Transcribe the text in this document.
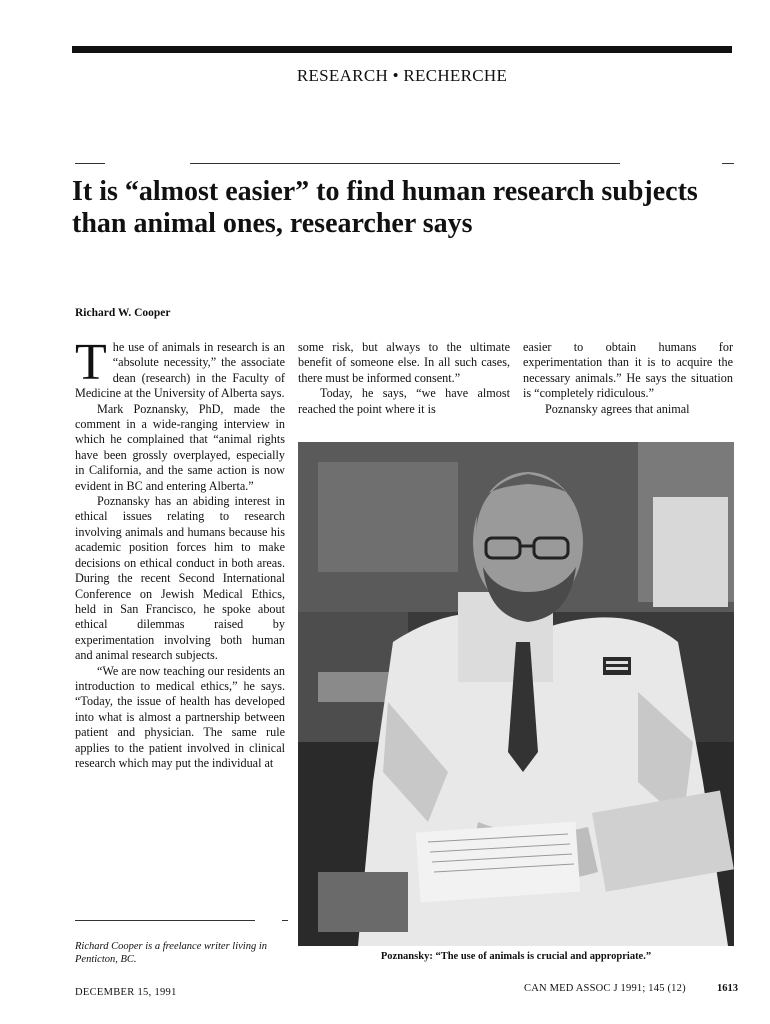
RESEARCH • RECHERCHE
It is “almost easier” to find human research subjects than animal ones, researcher says
Richard W. Cooper

The use of animals in research is an “absolute necessity,” the associate dean (research) in the Faculty of Medicine at the University of Alberta says.

Mark Poznansky, PhD, made the comment in a wide-ranging interview in which he complained that “animal rights have been grossly overplayed, especially in California, and the same action is now evident in BC and entering Alberta.”

Poznansky has an abiding interest in ethical issues relating to research involving animals and humans because his academic position forces him to make decisions on ethical conduct in both areas. During the recent Second International Conference on Jewish Medical Ethics, held in San Francisco, he spoke about ethical dilemmas raised by experimentation involving both human and animal research subjects.

“We are now teaching our residents an introduction to medical ethics,” he says. “Today, the issue of health has developed into what is almost a partnership between patient and physician. The same rule applies to the patient involved in clinical research which may put the individual at

some risk, but always to the ultimate benefit of someone else. In all such cases, there must be informed consent.”

Today, he says, “we have almost reached the point where it is

easier to obtain humans for experimentation than it is to acquire the necessary animals.” He says the situation is “completely ridiculous.”

Poznansky agrees that animal

Poznansky: “The use of animals is crucial and appropriate.”
Richard Cooper is a freelance writer living in Penticton, BC.
DECEMBER 15, 1991	CAN MED ASSOC J 1991; 145 (12)	1613
